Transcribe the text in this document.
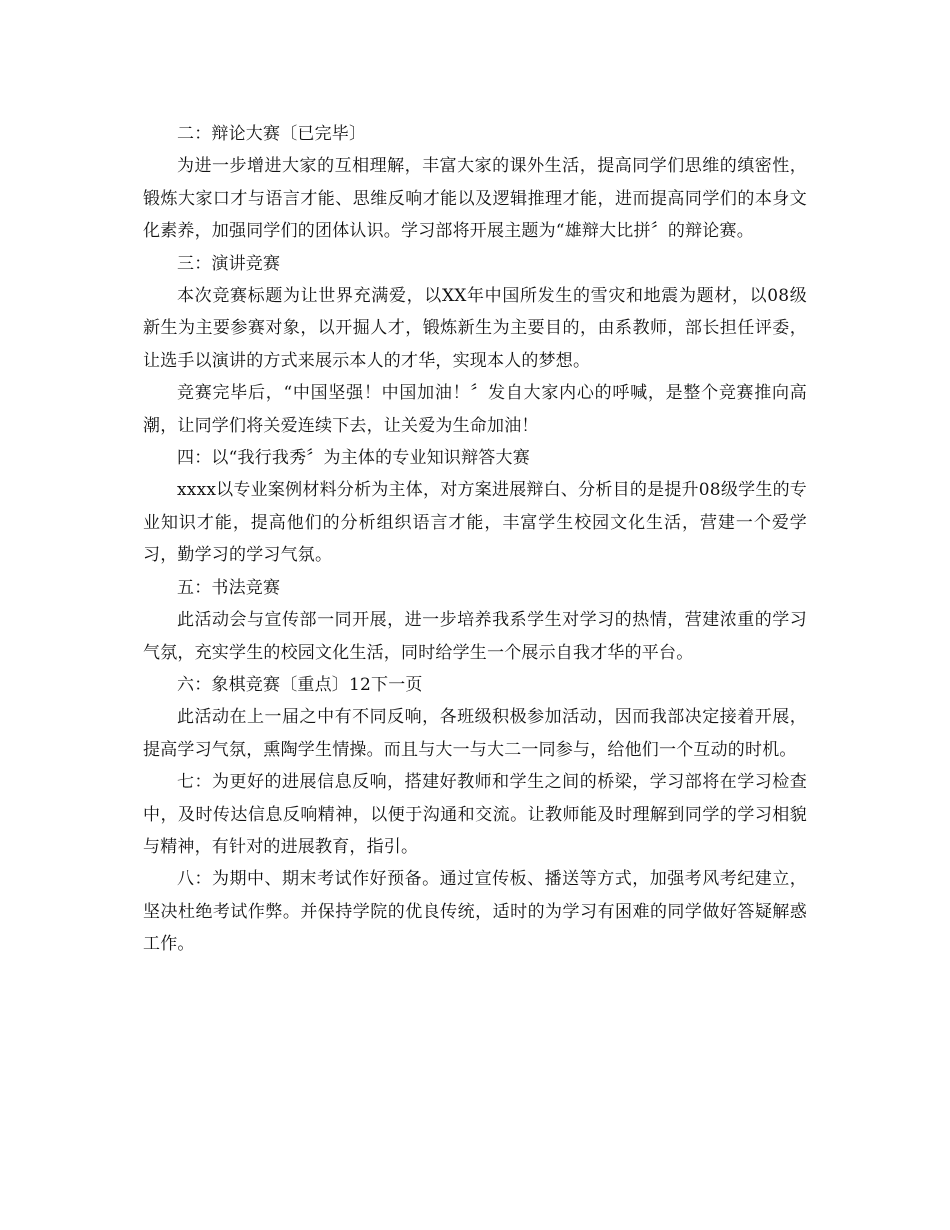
二：辩论大赛〔已完毕〕

为进一步增进大家的互相理解，丰富大家的课外生活，提高同学们思维的缜密性，锻炼大家口才与语言才能、思维反响才能以及逻辑推理才能，进而提高同学们的本身文化素养，加强同学们的团体认识。学习部将开展主题为“雄辩大比拼〞的辩论赛。

三：演讲竞赛

本次竞赛标题为让世界充满爱，以XX年中国所发生的雪灾和地震为题材，以08级新生为主要参赛对象，以开掘人才，锻炼新生为主要目的，由系教师，部长担任评委，让选手以演讲的方式来展示本人的才华，实现本人的梦想。

竞赛完毕后，“中国坚强！中国加油！〞发自大家内心的呼喊，是整个竞赛推向高潮，让同学们将关爱连续下去，让关爱为生命加油！

四：以“我行我秀〞为主体的专业知识辩答大赛

xxxx以专业案例材料分析为主体，对方案进展辩白、分析目的是提升08级学生的专业知识才能，提高他们的分析组织语言才能，丰富学生校园文化生活，营建一个爱学习，勤学习的学习气氛。

五：书法竞赛

此活动会与宣传部一同开展，进一步培养我系学生对学习的热情，营建浓重的学习气氛，充实学生的校园文化生活，同时给学生一个展示自我才华的平台。

六：象棋竞赛〔重点〕12下一页

此活动在上一届之中有不同反响，各班级积极参加活动，因而我部决定接着开展，提高学习气氛，熏陶学生情操。而且与大一与大二一同参与，给他们一个互动的时机。

七：为更好的进展信息反响，搭建好教师和学生之间的桥梁，学习部将在学习检查中，及时传达信息反响精神，以便于沟通和交流。让教师能及时理解到同学的学习相貌与精神，有针对的进展教育，指引。

八：为期中、期末考试作好预备。通过宣传板、播送等方式，加强考风考纪建立，坚决杜绝考试作弊。并保持学院的优良传统，适时的为学习有困难的同学做好答疑解惑工作。
